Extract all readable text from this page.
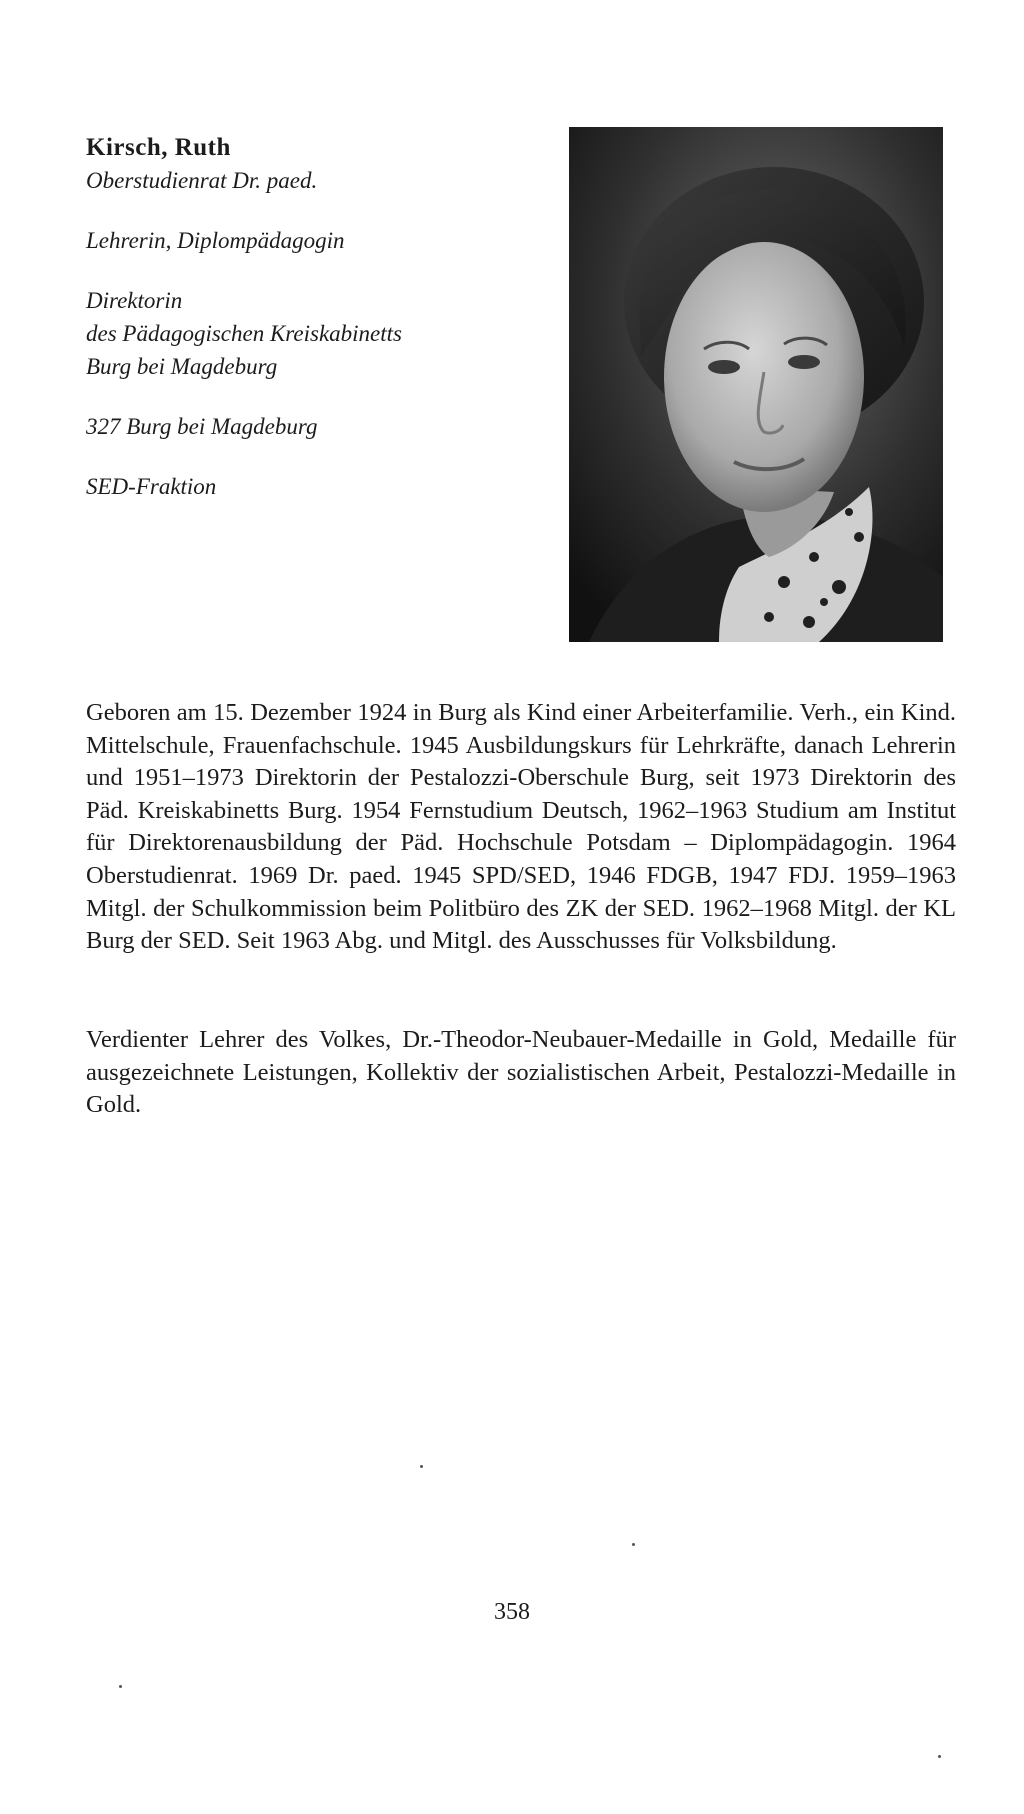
Kirsch, Ruth

Oberstudienrat Dr. paed.

Lehrerin, Diplompädagogin

Direktorin

des Pädagogischen Kreiskabinetts

Burg bei Magdeburg

327 Burg bei Magdeburg

SED-Fraktion

Geboren am 15. Dezember 1924 in Burg als Kind einer Arbeiterfamilie. Verh., ein Kind. Mittelschule, Frauenfachschule. 1945 Ausbildungskurs für Lehrkräfte, danach Lehrerin und 1951–1973 Direktorin der Pestalozzi-Oberschule Burg, seit 1973 Direktorin des Päd. Kreiskabinetts Burg. 1954 Fernstudium Deutsch, 1962–1963 Studium am Institut für Direktorenausbildung der Päd. Hochschule Potsdam – Diplompädagogin. 1964 Oberstudienrat. 1969 Dr. paed. 1945 SPD/SED, 1946 FDGB, 1947 FDJ. 1959–1963 Mitgl. der Schulkommission beim Politbüro des ZK der SED. 1962–1968 Mitgl. der KL Burg der SED. Seit 1963 Abg. und Mitgl. des Ausschusses für Volksbildung.

Verdienter Lehrer des Volkes, Dr.-Theodor-Neubauer-Medaille in Gold, Medaille für ausgezeichnete Leistungen, Kollektiv der sozialistischen Arbeit, Pestalozzi-Medaille in Gold.

358
